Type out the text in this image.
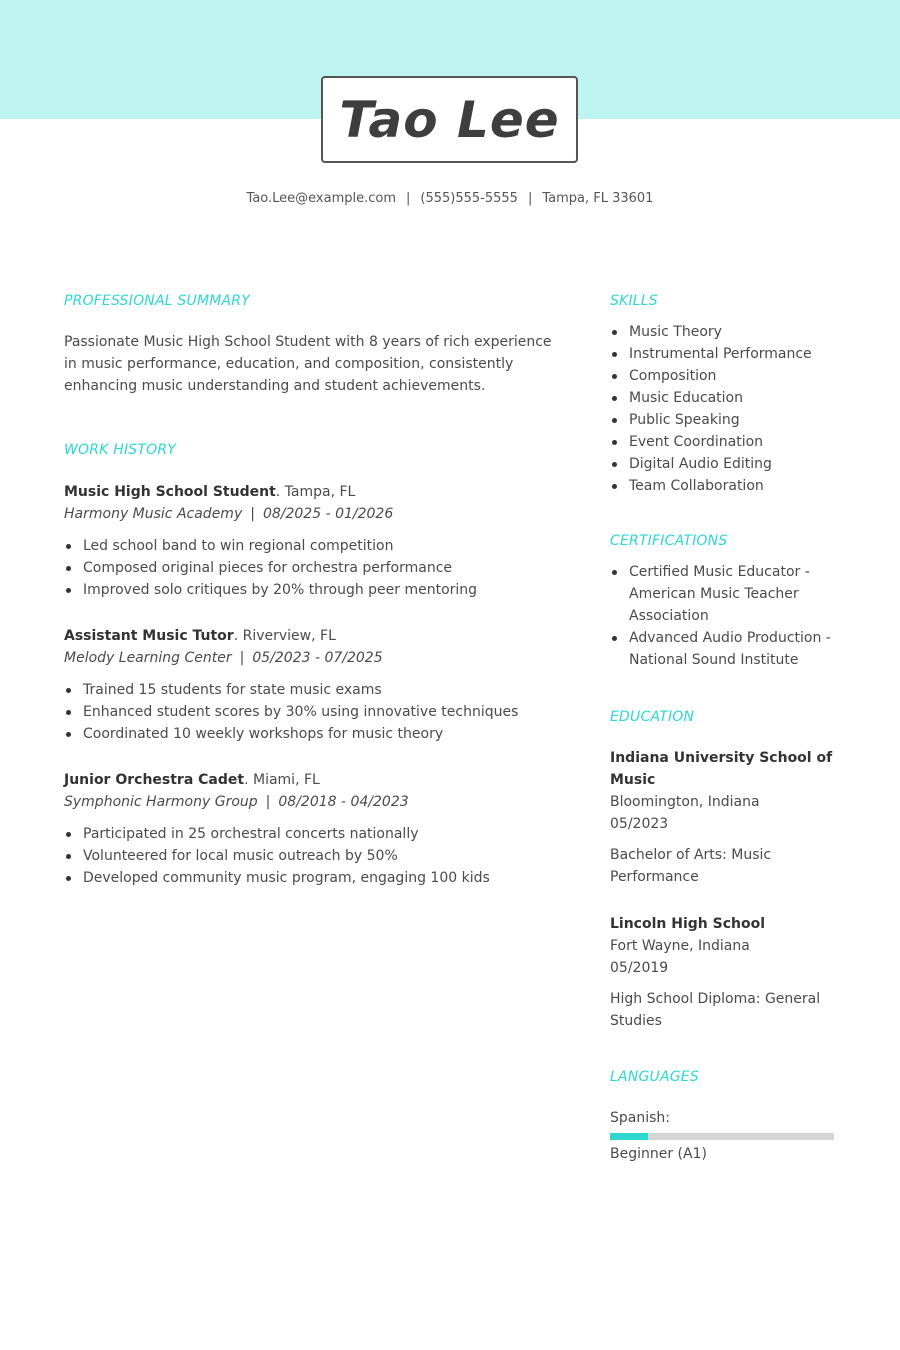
Tao Lee
Tao.Lee@example.com | (555)555-5555 | Tampa, FL 33601
PROFESSIONAL SUMMARY
Passionate Music High School Student with 8 years of rich experience in music performance, education, and composition, consistently enhancing music understanding and student achievements.
WORK HISTORY
Music High School Student. Tampa, FL
Harmony Music Academy | 08/2025 - 01/2026
Led school band to win regional competition
Composed original pieces for orchestra performance
Improved solo critiques by 20% through peer mentoring
Assistant Music Tutor. Riverview, FL
Melody Learning Center | 05/2023 - 07/2025
Trained 15 students for state music exams
Enhanced student scores by 30% using innovative techniques
Coordinated 10 weekly workshops for music theory
Junior Orchestra Cadet. Miami, FL
Symphonic Harmony Group | 08/2018 - 04/2023
Participated in 25 orchestral concerts nationally
Volunteered for local music outreach by 50%
Developed community music program, engaging 100 kids
SKILLS
Music Theory
Instrumental Performance
Composition
Music Education
Public Speaking
Event Coordination
Digital Audio Editing
Team Collaboration
CERTIFICATIONS
Certified Music Educator - American Music Teacher Association
Advanced Audio Production - National Sound Institute
EDUCATION
Indiana University School of Music
Bloomington, Indiana
05/2023
Bachelor of Arts: Music Performance
Lincoln High School
Fort Wayne, Indiana
05/2019
High School Diploma: General Studies
LANGUAGES
Spanish:
Beginner (A1)
